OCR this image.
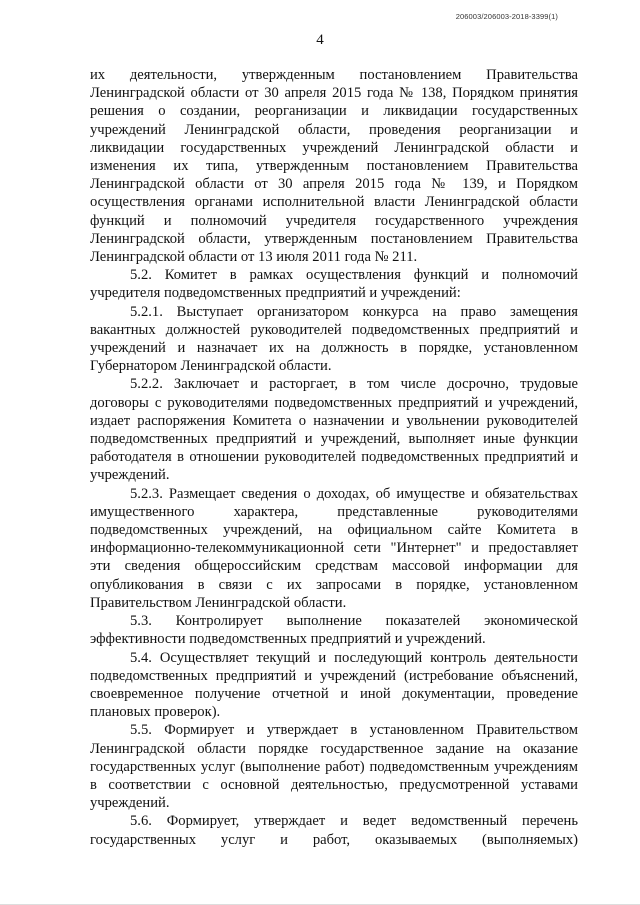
206003/206003-2018-3399(1)
4

их деятельности, утвержденным постановлением Правительства Ленинградской области от 30 апреля 2015 года № 138, Порядком принятия решения о создании, реорганизации и ликвидации государственных учреждений Ленинградской области, проведения реорганизации и ликвидации государственных учреждений Ленинградской области и изменения их типа, утвержденным постановлением Правительства Ленинградской области от 30 апреля 2015 года № 139, и Порядком осуществления органами исполнительной власти Ленинградской области функций и полномочий учредителя государственного учреждения Ленинградской области, утвержденным постановлением Правительства Ленинградской области от 13 июля 2011 года № 211.

5.2. Комитет в рамках осуществления функций и полномочий учредителя подведомственных предприятий и учреждений:

5.2.1. Выступает организатором конкурса на право замещения вакантных должностей руководителей подведомственных предприятий и учреждений и назначает их на должность в порядке, установленном Губернатором Ленинградской области.

5.2.2. Заключает и расторгает, в том числе досрочно, трудовые договоры с руководителями подведомственных предприятий и учреждений, издает распоряжения Комитета о назначении и увольнении руководителей подведомственных предприятий и учреждений, выполняет иные функции работодателя в отношении руководителей подведомственных предприятий и учреждений.

5.2.3. Размещает сведения о доходах, об имуществе и обязательствах имущественного характера, представленные руководителями подведомственных учреждений, на официальном сайте Комитета в информационно-телекоммуникационной сети "Интернет" и предоставляет эти сведения общероссийским средствам массовой информации для опубликования в связи с их запросами в порядке, установленном Правительством Ленинградской области.

5.3. Контролирует выполнение показателей экономической эффективности подведомственных предприятий и учреждений.

5.4. Осуществляет текущий и последующий контроль деятельности подведомственных предприятий и учреждений (истребование объяснений, своевременное получение отчетной и иной документации, проведение плановых проверок).

5.5. Формирует и утверждает в установленном Правительством Ленинградской области порядке государственное задание на оказание государственных услуг (выполнение работ) подведомственным учреждениям в соответствии с основной деятельностью, предусмотренной уставами учреждений.

5.6. Формирует, утверждает и ведет ведомственный перечень государственных услуг и работ, оказываемых (выполняемых)
